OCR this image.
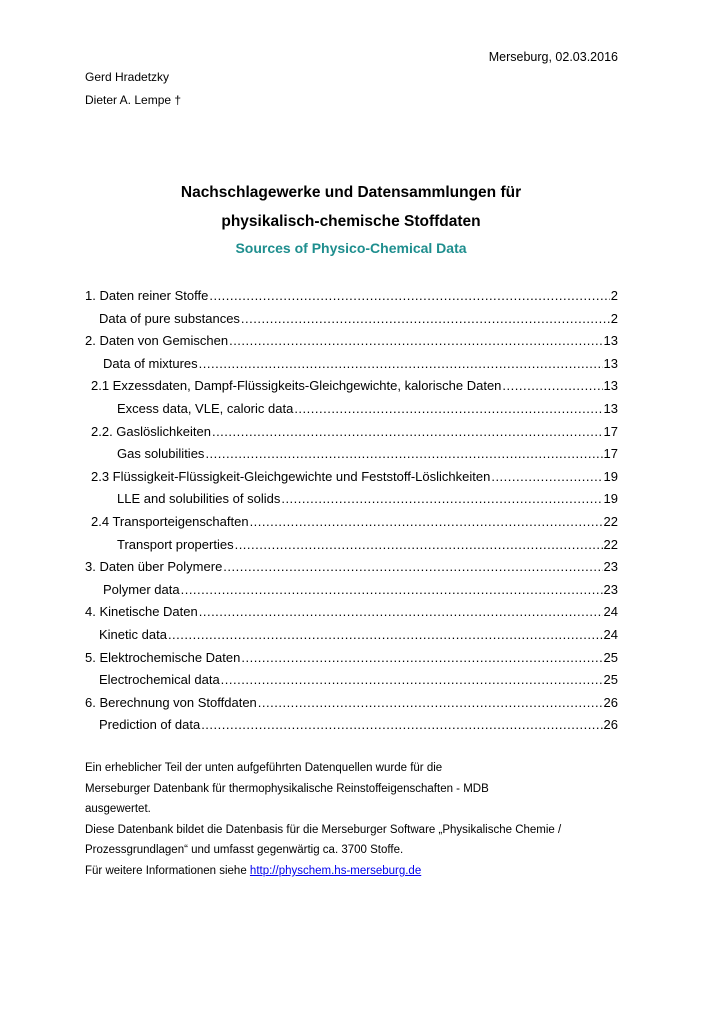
Merseburg, 02.03.2016
Gerd Hradetzky
Dieter A. Lempe †
Nachschlagewerke und Datensammlungen für
physikalisch-chemische Stoffdaten
Sources of Physico-Chemical Data
1. Daten reiner Stoffe .....	2
Data of pure substances .....	2
2. Daten von Gemischen .....	13
Data of mixtures .....	13
2.1 Exzessdaten, Dampf-Flüssigkeits-Gleichgewichte, kalorische Daten .....	13
Excess data, VLE, caloric data .....	13
2.2. Gaslöslichkeiten .....	17
Gas solubilities .....	17
2.3 Flüssigkeit-Flüssigkeit-Gleichgewichte und Feststoff-Löslichkeiten .....	19
LLE and solubilities of solids .....	19
2.4 Transporteigenschaften .....	22
Transport properties .....	22
3. Daten über Polymere .....	23
Polymer data .....	23
4. Kinetische Daten .....	24
Kinetic data .....	24
5. Elektrochemische Daten .....	25
Electrochemical data .....	25
6. Berechnung von Stoffdaten .....	26
Prediction of data .....	26
Ein erheblicher Teil der unten aufgeführten Datenquellen wurde für die
Merseburger Datenbank für thermophysikalische Reinstoffeigenschaften - MDB
ausgewertet.
Diese Datenbank bildet die Datenbasis für die Merseburger Software „Physikalische Chemie /
Prozessgrundlagen“ und umfasst gegenwärtig ca. 3700 Stoffe.
Für weitere Informationen siehe http://physchem.hs-merseburg.de
